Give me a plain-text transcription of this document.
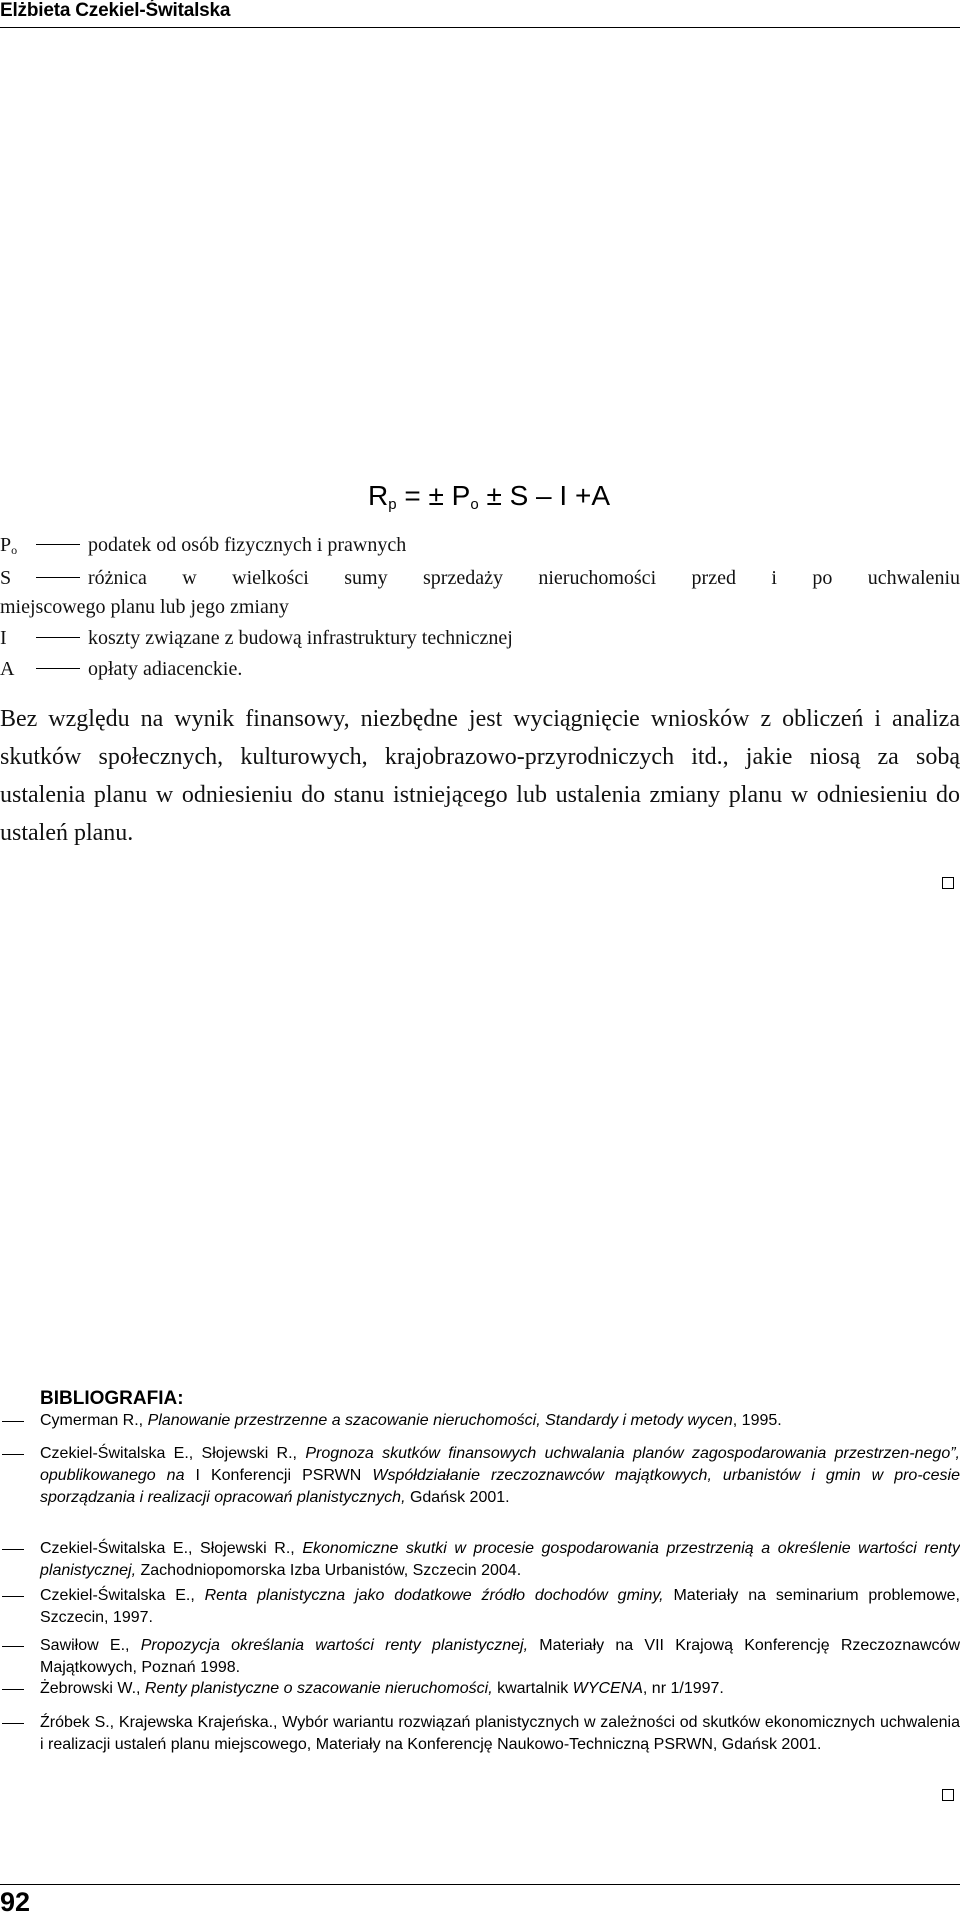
Elżbieta Czekiel-Świtalska
$R_p$ = ± $P_o \pm S - I +A$
$P_o$	podatek od osób fizycznych i prawnych
S	różnica w wielkości sumy sprzedaży nieruchomości przed i po uchwaleniu
miejscowego planu lub jego zmiany
I	koszty związane z budową infrastruktury technicznej
A	opłaty adiacenckie.
Bez względu na wynik finansowy, niezbędne jest wyciągnięcie wniosków z obliczeń i analiza skutków społecznych, kulturowych, krajobrazowo-przyrodniczych itd., jakie niosą za sobą ustalenia planu w odniesieniu do stanu istniejącego lub ustalenia zmiany planu w odniesieniu do ustaleń planu.
BIBLIOGRAFIA:
Cymerman R., Planowanie przestrzenne a szacowanie nieruchomości, Standardy i metody wycen, 1995.
Czekiel-Świtalska E., Słojewski R., Prognoza skutków finansowych uchwalania planów zagospodarowania przestrzen-nego”, opublikowanego na I Konferencji PSRWN Współdziałanie rzeczoznawców majątkowych, urbanistów i gmin w pro-cesie sporządzania i realizacji opracowań planistycznych, Gdańsk 2001.
Czekiel-Świtalska E., Słojewski R., Ekonomiczne skutki w procesie gospodarowania przestrzenią a określenie wartości renty planistycznej, Zachodniopomorska Izba Urbanistów, Szczecin 2004.
Czekiel-Świtalska E., Renta planistyczna jako dodatkowe źródło dochodów gminy, Materiały na seminarium problemowe, Szczecin, 1997.
Sawiłow E., Propozycja określania wartości renty planistycznej, Materiały na VII Krajową Konferencję Rzeczoznawców Majątkowych, Poznań 1998.
Żebrowski W., Renty planistyczne o szacowanie nieruchomości, kwartalnik WYCENA, nr 1/1997.
Źróbek S., Krajewska Krajeńska., Wybór wariantu rozwiązań planistycznych w zależności od skutków ekonomicznych uchwalenia i realizacji ustaleń planu miejscowego, Materiały na Konferencję Naukowo-Techniczną PSRWN, Gdańsk 2001.
92
